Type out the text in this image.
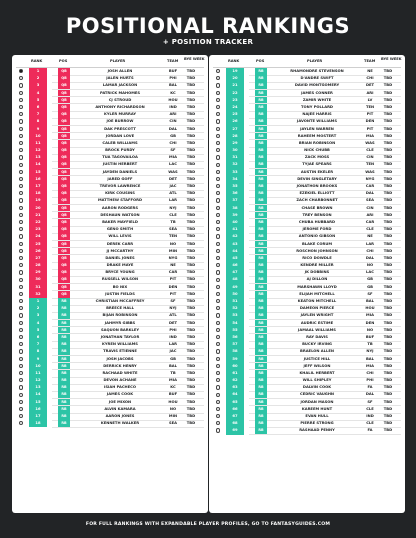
POSITIONAL RANKINGS
+ POSITION TRACKER
RANK	POS	PLAYER	TEAM BYE WEEK
1	QB	JOSH ALLEN	BUF	TBD
2	QB	JALEN HURTS	PHI	TBD
3	QB	LAMAR JACKSON	BAL	TBD
4	QB	PATRICK MAHOMES	KC	TBD
5	QB	CJ STROUD	HOU	TBD
6	QB	ANTHONY RICHARDSON	IND	TBD
7	QB	KYLER MURRAY	ARI	TBD
8	QB	JOE BURROW	CIN	TBD
9	QB	DAK PRESCOTT	DAL	TBD
10	QB	JORDAN LOVE	GB	TBD
11	QB	CALEB WILLIAMS	CHI	TBD
12	QB	BROCK PURDY	SF	TBD
13	QB	TUA TAGOVAILOA	MIA	TBD
14	QB	JUSTIN HERBERT	LAC	TBD
15	QB	JAYDEN DANIELS	WAS	TBD
16	QB	JARED GOFF	DET	TBD
17	QB	TREVOR LAWRENCE	JAC	TBD
18	QB	KIRK COUSINS	ATL	TBD
19	QB	MATTHEW STAFFORD	LAR	TBD
20	QB	AARON RODGERS	NYJ	TBD
21	QB	DESHAUN WATSON	CLE	TBD
22	QB	BAKER MAYFIELD	TB	TBD
23	QB	GENO SMITH	SEA	TBD
24	QB	WILL LEVIS	TEN	TBD
25	QB	DEREK CARR	NO	TBD
26	QB	JJ MCCARTHY	MIN	TBD
27	QB	DANIEL JONES	NYG	TBD
28	QB	DRAKE MAYE	NE	TBD
29	QB	BRYCE YOUNG	CAR	TBD
30	QB	RUSSELL WILSON	PIT	TBD
31	QB	BO NIX	DEN	TBD
32	QB	JUSTIN FIELDS	PIT	TBD
1	RB	CHRISTIAN MCCAFFREY	SF	TBD
2	RB	BREECE HALL	NYJ	TBD
3	RB	BIJAN ROBINSON	ATL	TBD
4	RB	JAHMYR GIBBS	DET	TBD
5	RB	SAQUON BARKLEY	PHI	TBD
6	RB	JONATHAN TAYLOR	IND	TBD
7	RB	KYREN WILLIAMS	LAR	TBD
8	RB	TRAVIS ETIENNE	JAC	TBD
9	RB	JOSH JACOBS	GB	TBD
10	RB	DERRICK HENRY	BAL	TBD
11	RB	RACHAAD WHITE	TB	TBD
12	RB	DEVON ACHANE	MIA	TBD
13	RB	ISIAH PACHECO	KC	TBD
14	RB	JAMES COOK	BUF	TBD
15	RB	JOE MIXON	HOU	TBD
16	RB	ALVIN KAMARA	NO	TBD
17	RB	AARON JONES	MIN	TBD
18	RB	KENNETH WALKER	SEA	TBD
RANK	POS	PLAYER	TEAM BYE WEEK
19	RB	RHAMONDRE STEVENSON	NE	TBD
20	RB	D'ANDRE SWIFT	CHI	TBD
21	RB	DAVID MONTGOMERY	DET	TBD
22	RB	JAMES CONNER	ARI	TBD
23	RB	ZAMIR WHITE	LV	TBD
24	RB	TONY POLLARD	TEN	TBD
25	RB	NAJEE HARRIS	PIT	TBD
26	RB	JAVONTE WILLIAMS	DEN	TBD
27	RB	JAYLEN WARREN	PIT	TBD
28	RB	RAHEEM MOSTERT	MIA	TBD
29	RB	BRIAN ROBINSON	WAS	TBD
30	RB	NICK CHUBB	CLE	TBD
31	RB	ZACK MOSS	CIN	TBD
32	RB	TYJAE SPEARS	TEN	TBD
33	RB	AUSTIN EKELER	WAS	TBD
34	RB	DEVIN SINGLETARY	NYG	TBD
35	RB	JONATHON BROOKS	CAR	TBD
36	RB	EZEKIEL ELLIOTT	DAL	TBD
37	RB	ZACH CHARBONNET	SEA	TBD
38	RB	CHASE BROWN	CIN	TBD
39	RB	TREY BENSON	ARI	TBD
40	RB	CHUBA HUBBARD	CAR	TBD
41	RB	JEROME FORD	CLE	TBD
42	RB	ANTONIO GIBSON	NE	TBD
43	RB	BLAKE CORUM	LAR	TBD
44	RB	ROSCHON JOHNSON	CHI	TBD
45	RB	RICO DOWDLE	DAL	TBD
46	RB	KENDRE MILLER	NO	TBD
47	RB	JK DOBBINS	LAC	TBD
48	RB	AJ DILLON	GB	TBD
49	RB	MARSHAWN LLOYD	GB	TBD
50	RB	ELIJAH MITCHELL	SF	TBD
51	RB	KEATON MITCHELL	BAL	TBD
52	RB	DAMEON PIERCE	HOU	TBD
53	RB	JAYLEN WRIGHT	MIA	TBD
54	RB	AUDRIC ESTIME	DEN	TBD
55	RB	JAMAAL WILLIAMS	NO	TBD
56	RB	RAY DAVIS	BUF	TBD
57	RB	BUCKY IRVING	TB	TBD
58	RB	BRAELON ALLEN	NYJ	TBD
59	RB	JUSTICE HILL	BAL	TBD
60	RB	JEFF WILSON	MIA	TBD
61	RB	KHALIL HERBERT	CHI	TBD
62	RB	WILL SHIPLEY	PHI	TBD
63	RB	DALVIN COOK	FA	TBD
64	RB	CEDRIC VAUGHN	DAL	TBD
65	RB	JORDAN MASON	SF	TBD
66	RB	KAREEM HUNT	CLE	TBD
67	RB	EVAN HULL	IND	TBD
68	RB	PIERRE STRONG	CLE	TBD
69	RB	RASHAAD PENNY	FA	TBD
FOR FULL RANKINGS WITH EXPANDABLE PLAYER PROFILES, GO TO FANTASYGUIDES.COM
